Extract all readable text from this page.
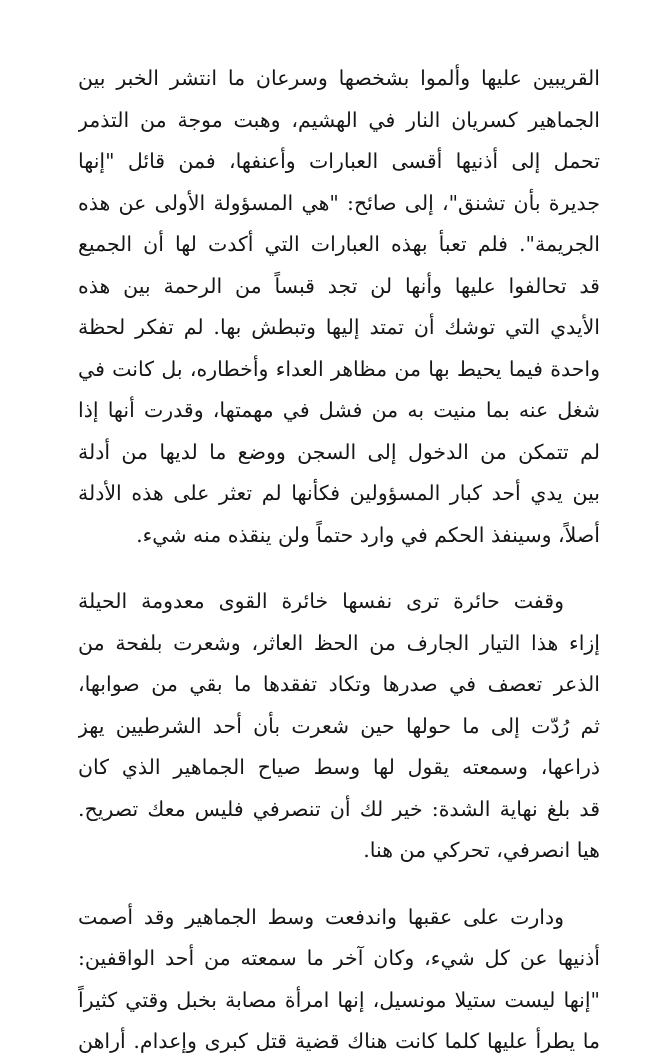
القريبين عليها وألموا بشخصها وسرعان ما انتشر الخبر بين
الجماهير كسريان النار في الهشيم، وهبت موجة من التذمر
تحمل إلى أذنيها أقسى العبارات وأعنفها، فمن قائل "إنها
جديرة بأن تشنق"، إلى صائح: "هي المسؤولة الأولى عن هذه
الجريمة". فلم تعبأ بهذه العبارات التي أكدت لها أن الجميع
قد تحالفوا عليها وأنها لن تجد قبساً من الرحمة بين هذه
الأيدي التي توشك أن تمتد إليها وتبطش بها. لم تفكر لحظة
واحدة فيما يحيط بها من مظاهر العداء وأخطاره، بل كانت في
شغل عنه بما منيت به من فشل في مهمتها، وقدرت أنها إذا
لم تتمكن من الدخول إلى السجن ووضع ما لديها من أدلة
بين يدي أحد كبار المسؤولين فكأنها لم تعثر على هذه الأدلة
أصلاً، وسينفذ الحكم في وارد حتماً ولن ينقذه منه شيء.
وقفت حائرة ترى نفسها خائرة القوى معدومة الحيلة
إزاء هذا التيار الجارف من الحظ العاثر، وشعرت بلفحة من
الذعر تعصف في صدرها وتكاد تفقدها ما بقي من صوابها،
ثم رُدّت إلى ما حولها حين شعرت بأن أحد الشرطيين يهز
ذراعها، وسمعته يقول لها وسط صياح الجماهير الذي كان
قد بلغ نهاية الشدة: خير لك أن تنصرفي فليس معك تصريح.
هيا انصرفي، تحركي من هنا.
ودارت على عقبها واندفعت وسط الجماهير وقد أصمت
أذنيها عن كل شيء، وكان آخر ما سمعته من أحد الواقفين:
"إنها ليست ستيلا مونسيل، إنها امرأة مصابة بخبل وقتي كثيراً
ما يطرأ عليها كلما كانت هناك قضية قتل كبرى وإعدام. أراهن
